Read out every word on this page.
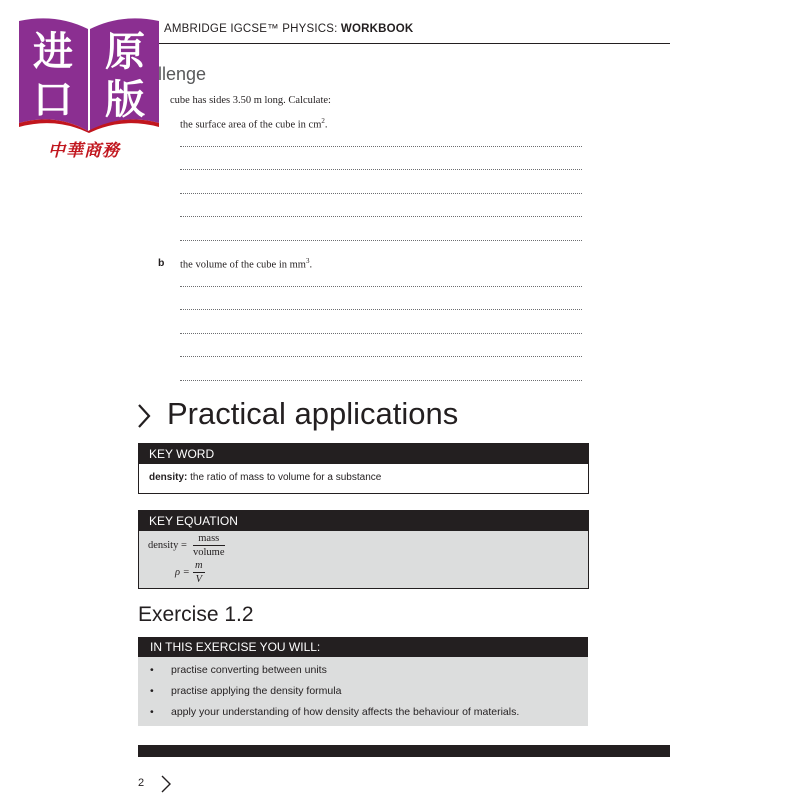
AMBRIDGE IGCSE™ PHYSICS: WORKBOOK
进 原
口 版
中華商務
llenge
cube has sides 3.50 m long. Calculate:
the surface area of the cube in $cm^2$.
b the volume of the cube in $mm^3$.
Practical applications
KEY WORD
density: the ratio of mass to volume for a substance
KEY EQUATION
density =
mass
volume
ρ =
m
V
Exercise 1.2
IN THIS EXERCISE YOU WILL:
• practise converting between units
• practise applying the density formula
• apply your understanding of how density affects the behaviour of materials.
2
